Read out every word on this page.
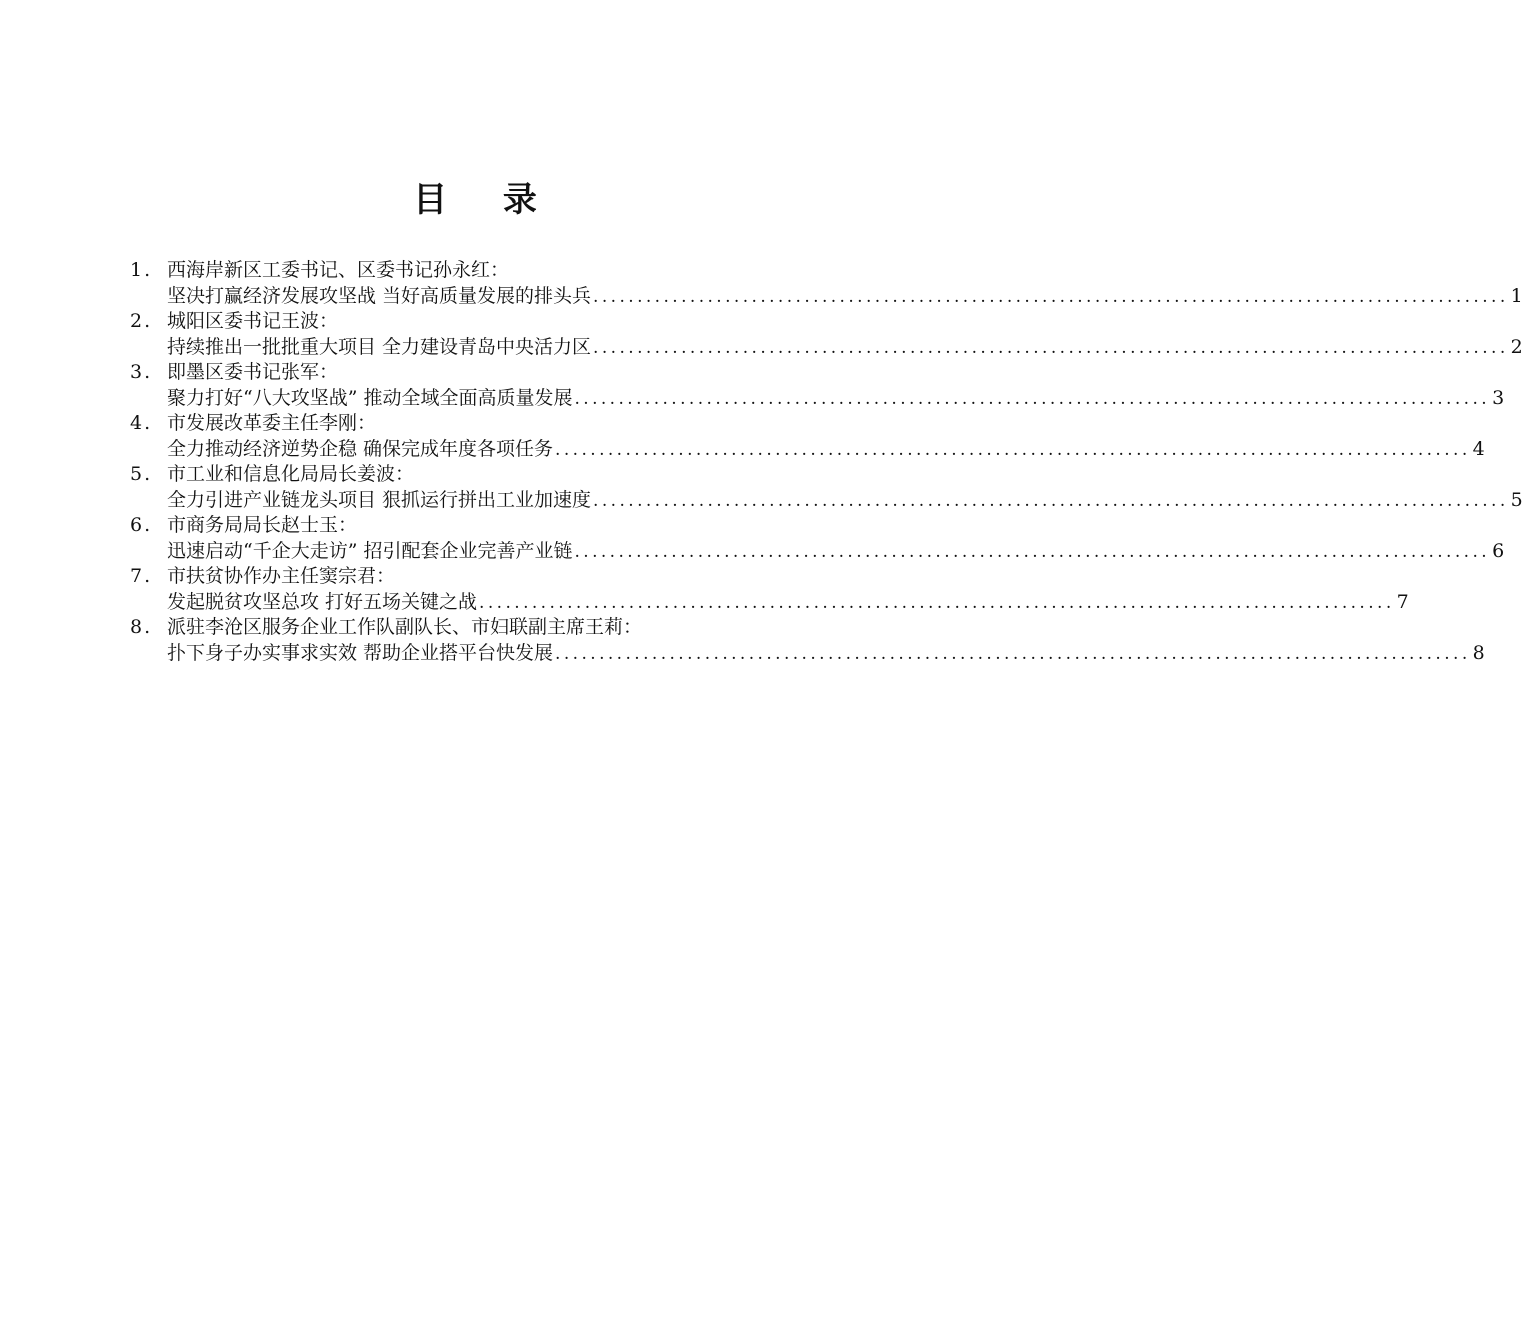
目 录
1. 西海岸新区工委书记、区委书记孙永红：
坚决打赢经济发展攻坚战 当好高质量发展的排头兵 ........................................................................................................ 1
2. 城阳区委书记王波：
持续推出一批批重大项目 全力建设青岛中央活力区 ........................................................................................................ 2
3. 即墨区委书记张军：
聚力打好“八大攻坚战” 推动全域全面高质量发展 ........................................................................................................ 3
4. 市发展改革委主任李刚：
全力推动经济逆势企稳 确保完成年度各项任务 ........................................................................................................ 4
5. 市工业和信息化局局长姜波：
全力引进产业链龙头项目 狠抓运行拼出工业加速度 ........................................................................................................ 5
6. 市商务局局长赵士玉：
迅速启动“千企大走访” 招引配套企业完善产业链 ........................................................................................................ 6
7. 市扶贫协作办主任窦宗君：
发起脱贫攻坚总攻 打好五场关键之战 ........................................................................................................ 7
8. 派驻李沧区服务企业工作队副队长、市妇联副主席王莉：
扑下身子办实事求实效 帮助企业搭平台快发展 ........................................................................................................ 8
